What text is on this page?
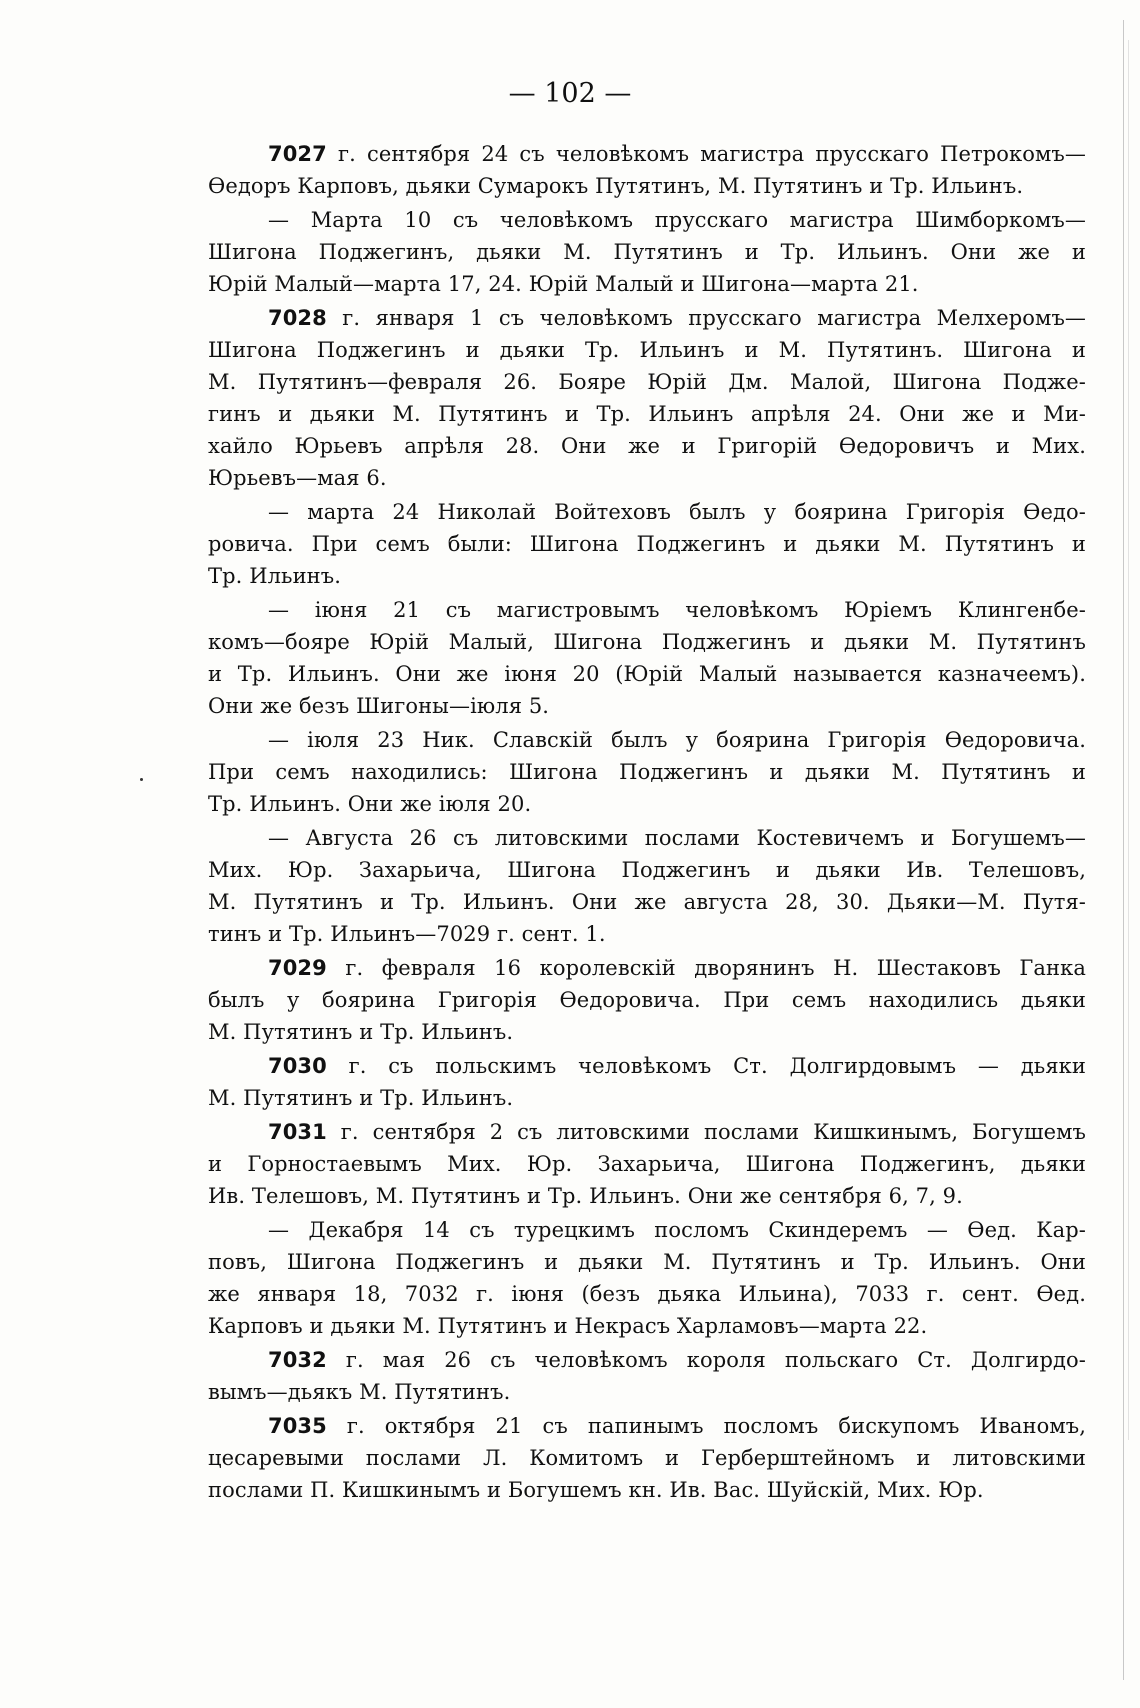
— 102 —
7027 г. сентября 24 съ человѣкомъ магистра прусскаго Петрокомъ—
Өедоръ Карповъ, дьяки Сумарокъ Путятинъ, М. Путятинъ и Тр. Ильинъ.
— Марта 10 съ человѣкомъ прусскаго магистра Шимборкомъ—
Шигона Поджегинъ, дьяки М. Путятинъ и Тр. Ильинъ. Они же и
Юрій Малый—марта 17, 24. Юрій Малый и Шигона—марта 21.
7028 г. января 1 съ человѣкомъ прусскаго магистра Мелхеромъ—
Шигона Поджегинъ и дьяки Тр. Ильинъ и М. Путятинъ. Шигона и
М. Путятинъ—февраля 26. Бояре Юрій Дм. Малой, Шигона Поджe-
гинъ и дьяки М. Путятинъ и Тр. Ильинъ апрѣля 24. Они же и Ми-
хайло Юрьевъ апрѣля 28. Они же и Григорій Өедоровичъ и Мих.
Юрьевъ—мая 6.
— марта 24 Николай Войтеховъ былъ у боярина Григорія Өедо-
ровича. При семъ были: Шигона Поджегинъ и дьяки М. Путятинъ и
Тр. Ильинъ.
— іюня 21 съ магистровымъ человѣкомъ Юріемъ Клингенбе-
комъ—бояре Юрій Малый, Шигона Поджегинъ и дьяки М. Путятинъ
и Тр. Ильинъ. Они же іюня 20 (Юрій Малый называется казначеемъ).
Они же безъ Шигоны—іюля 5.
— іюля 23 Ник. Славскій былъ у боярина Григорія Өедоровича.
При семъ находились: Шигона Поджегинъ и дьяки М. Путятинъ и
Тр. Ильинъ. Они же іюля 20.
— Августа 26 съ литовскими послами Костевичемъ и Богушемъ—
Мих. Юр. Захарьича, Шигона Поджегинъ и дьяки Ив. Телешовъ,
М. Путятинъ и Тр. Ильинъ. Они же августа 28, 30. Дьяки—М. Путя-
тинъ и Тр. Ильинъ—7029 г. сент. 1.
7029 г. февраля 16 королевскій дворянинъ Н. Шестаковъ Ганка
былъ у боярина Григорія Өедоровича. При семъ находились дьяки
М. Путятинъ и Тр. Ильинъ.
7030 г. съ польскимъ человѣкомъ Ст. Долгирдовымъ — дьяки
М. Путятинъ и Тр. Ильинъ.
7031 г. сентября 2 съ литовскими послами Кишкинымъ, Богушемъ
и Горностаевымъ Мих. Юр. Захарьича, Шигона Поджегинъ, дьяки
Ив. Телешовъ, М. Путятинъ и Тр. Ильинъ. Они же сентября 6, 7, 9.
— Декабря 14 съ турецкимъ посломъ Скиндеремъ — Өед. Кар-
повъ, Шигона Поджегинъ и дьяки М. Путятинъ и Тр. Ильинъ. Они
же января 18, 7032 г. іюня (безъ дьяка Ильина), 7033 г. сент. Өед.
Карповъ и дьяки М. Путятинъ и Некрасъ Харламовъ—марта 22.
7032 г. мая 26 съ человѣкомъ короля польскаго Ст. Долгирдо-
вымъ—дьякъ М. Путятинъ.
7035 г. октября 21 съ папинымъ посломъ бискупомъ Иваномъ,
цесаревыми послами Л. Комитомъ и Герберштейномъ и литовскими
послами П. Кишкинымъ и Богушемъ кн. Ив. Вас. Шуйскій, Мих. Юр.
